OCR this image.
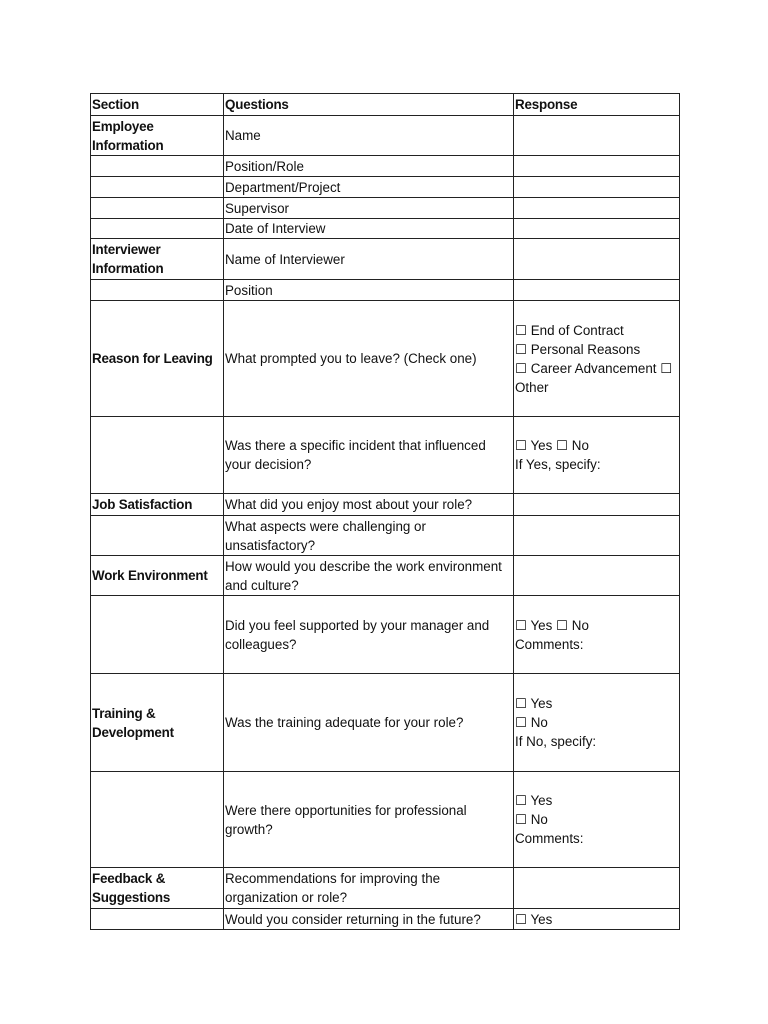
Section	Questions	Response

Employee Information	Name	

	Position/Role	

	Department/Project	

	Supervisor	

	Date of Interview	

Interviewer Information	Name of Interviewer	

	Position	

Reason for Leaving	What prompted you to leave? (Check one)	☐ End of Contract
☐ Personal Reasons
☐ Career Advancement ☐
Other

	Was there a specific incident that influenced your decision?	☐ Yes ☐ No
If Yes, specify:

Job Satisfaction	What did you enjoy most about your role?	

	What aspects were challenging or unsatisfactory?	

Work Environment	How would you describe the work environment and culture?	

	Did you feel supported by your manager and colleagues?	☐ Yes ☐ No
Comments:

Training & Development	Was the training adequate for your role?	☐ Yes
☐ No
If No, specify:

	Were there opportunities for professional growth?	☐ Yes
☐ No
Comments:

Feedback & Suggestions	Recommendations for improving the organization or role?	

	Would you consider returning in the future?	☐ Yes
